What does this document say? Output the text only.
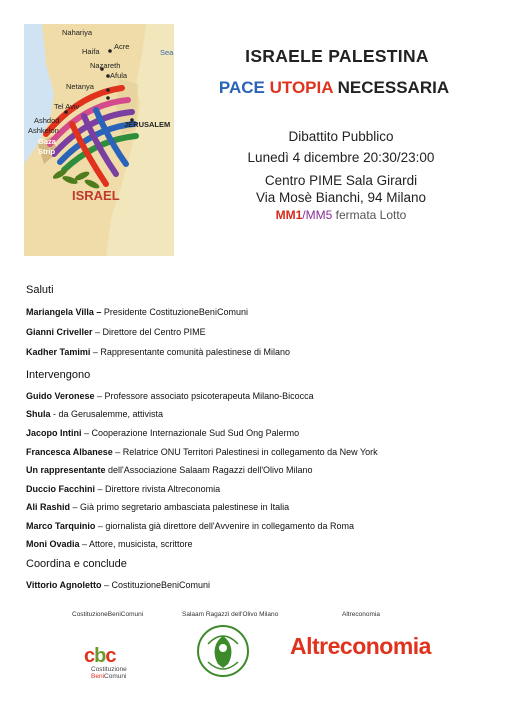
Nahariya
Acre
Haifa
Nazareth
Afula
Netanya
Tel Aviv
Ashdod
Ashkelon
JERUSALEM
Gaza
Strip
Sea
ISRAEL
ISRAELE PALESTINA
PACE UTOPIA NECESSARIA
Dibattito Pubblico
Lunedì 4 dicembre 20:30/23:00
Centro PIME Sala Girardi
Via Mosè Bianchi, 94 Milano
MM1/MM5 fermata Lotto
Saluti
Mariangela Villa – Presidente CostituzioneBeniComuni
Gianni Criveller – Direttore del Centro PIME
Kadher Tamimi – Rappresentante comunità palestinese di Milano
Intervengono
Guido Veronese – Professore associato psicoterapeuta Milano-Bicocca
Shula - da Gerusalemme, attivista
Jacopo Intini – Cooperazione Internazionale Sud Sud Ong Palermo
Francesca Albanese – Relatrice ONU Territori Palestinesi in collegamento da New York
Un rappresentante dell'Associazione Salaam Ragazzi dell'Olivo Milano
Duccio Facchini – Direttore rivista Altreconomia
Ali Rashid – Già primo segretario ambasciata palestinese in Italia
Marco Tarquinio – giornalista già direttore dell'Avvenire in collegamento da Roma
Moni Ovadia – Attore, musicista, scrittore
Coordina e conclude
Vittorio Agnoletto – CostituzioneBeniComuni
CostituzioneBeniComuni	Salaam Ragazzi dell'Olivo Milano	Altreconomia
cbc
Costituzione
BeniComuni
Altreconomia
